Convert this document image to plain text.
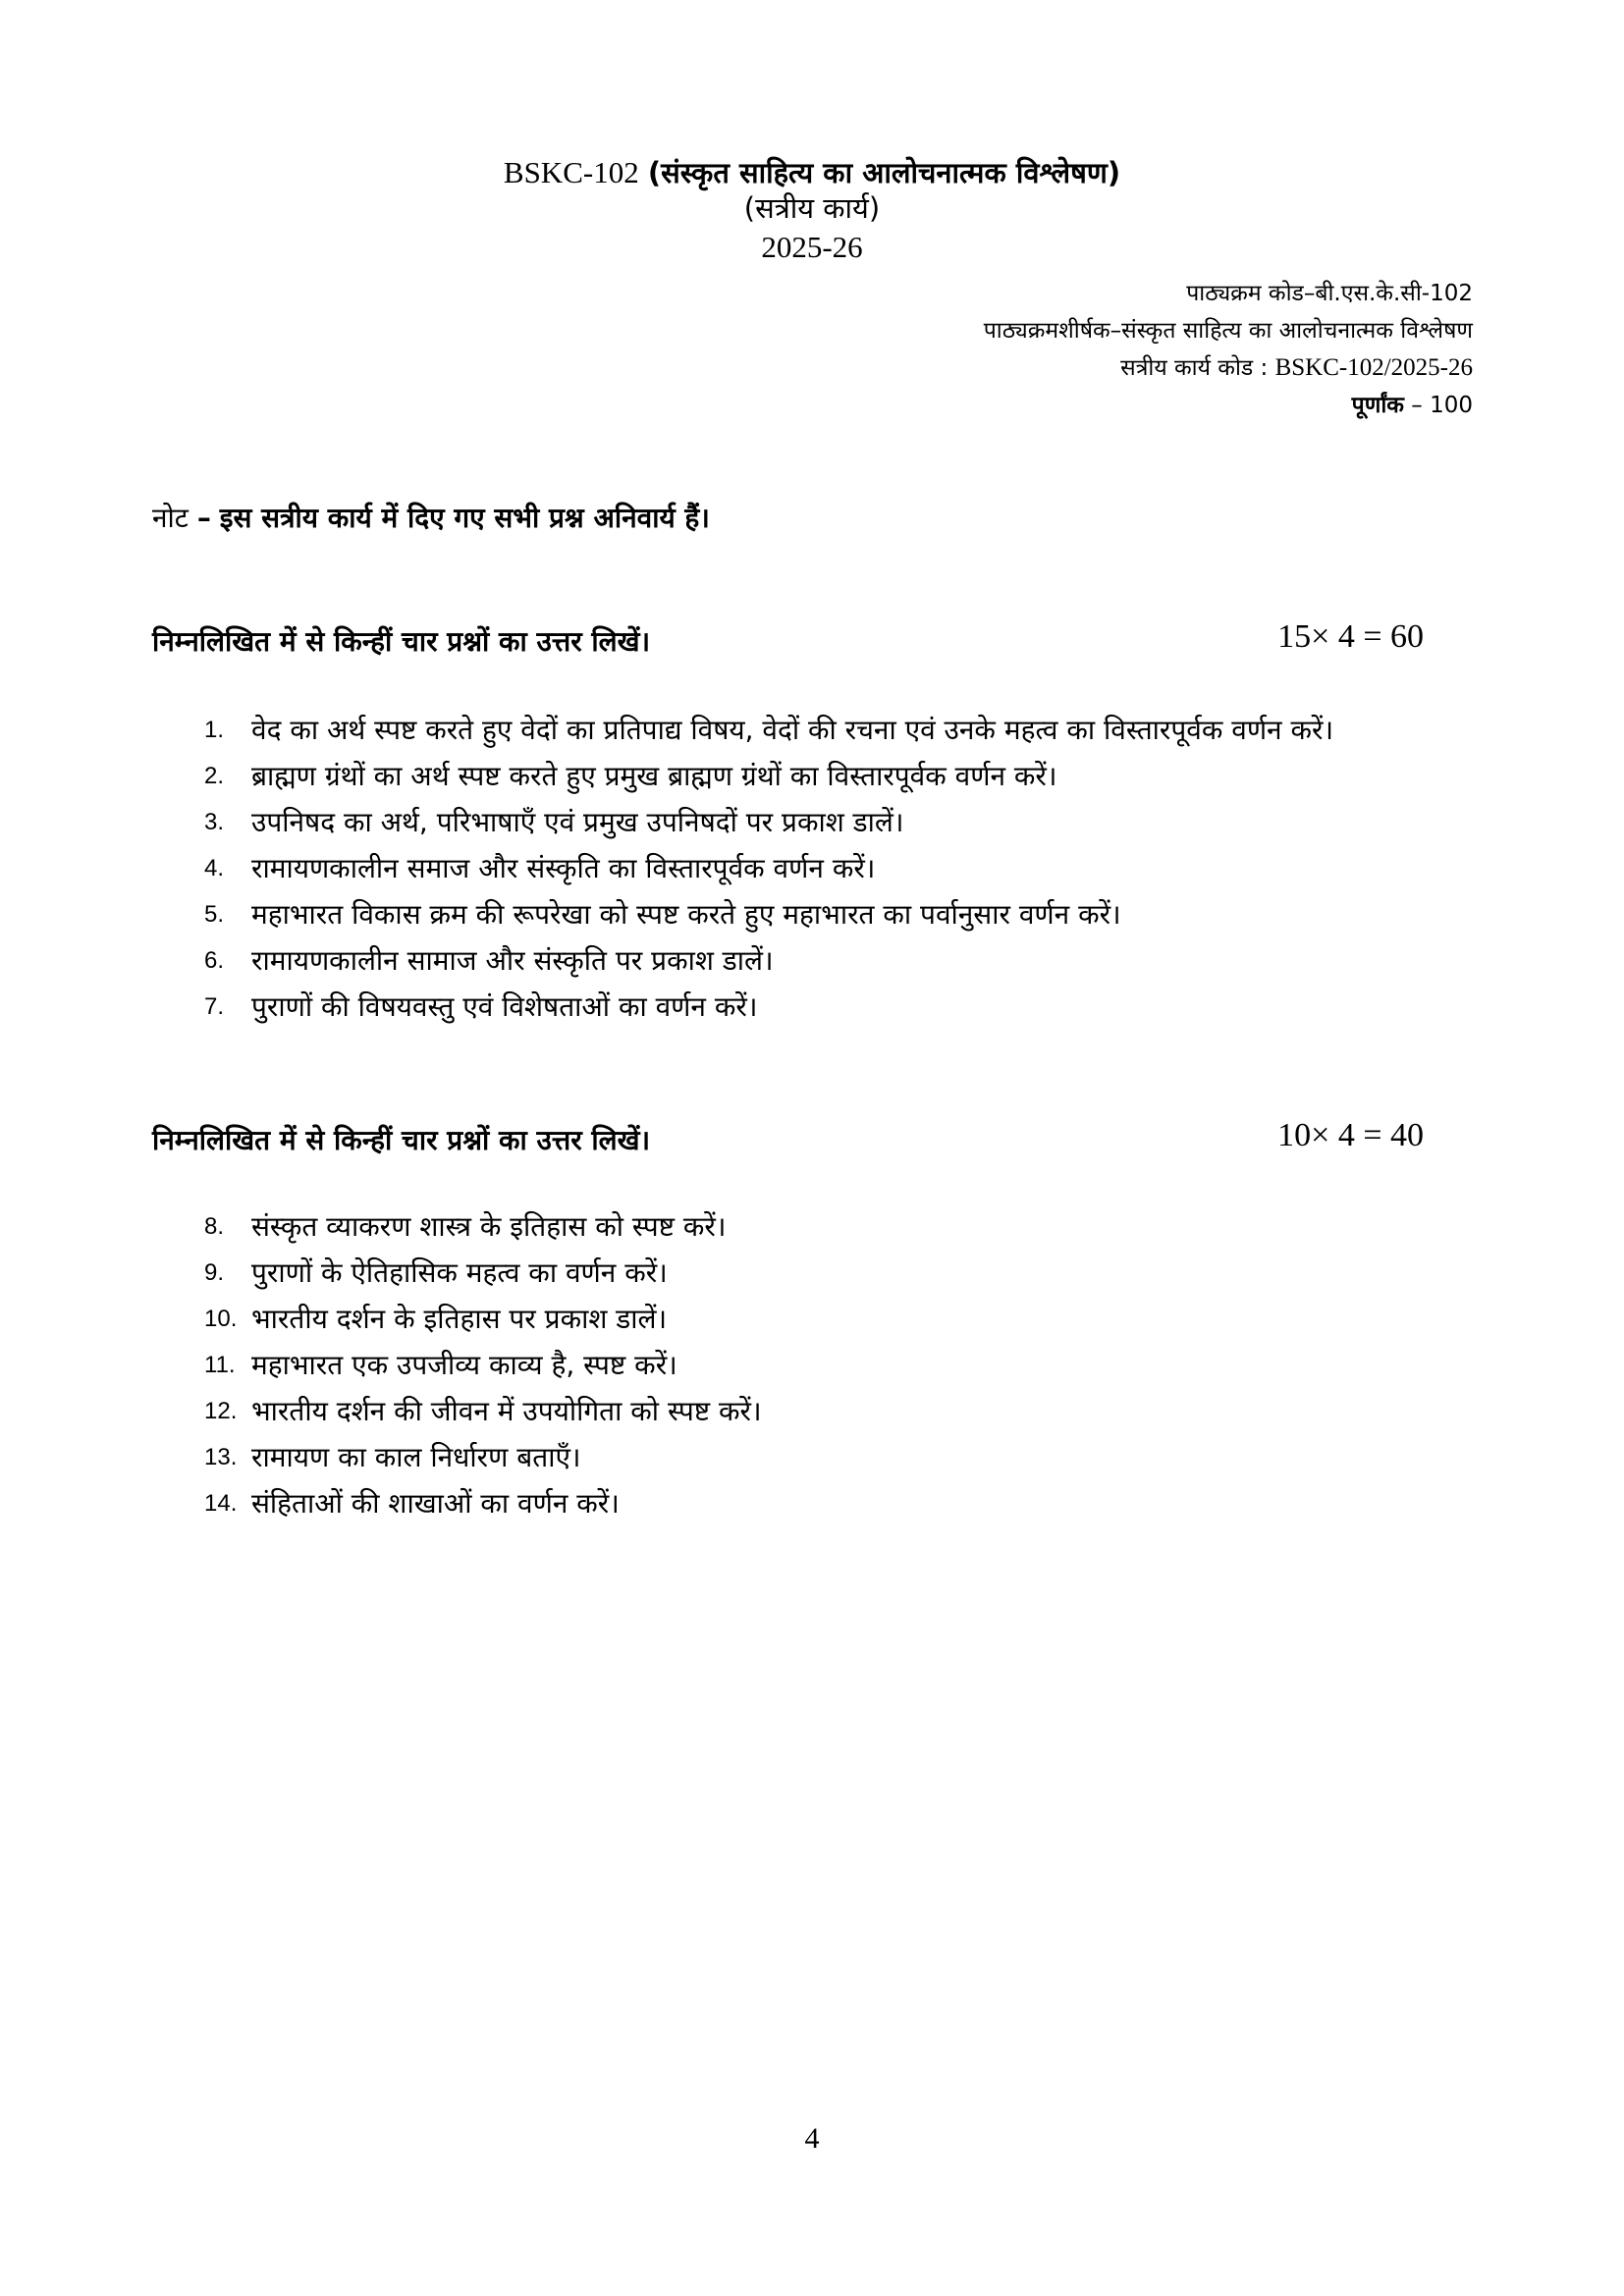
BSKC-102 (संस्कृत साहित्य का आलोचनात्मक विश्लेषण)
(सत्रीय कार्य)
2025-26
पाठ्यक्रम कोड–बी.एस.के.सी-102
पाठ्यक्रमशीर्षक–संस्कृत साहित्य का आलोचनात्मक विश्लेषण
सत्रीय कार्य कोड : BSKC-102/2025-26
पूर्णांक – 100
नोट – इस सत्रीय कार्य में दिए गए सभी प्रश्न अनिवार्य हैं।
निम्नलिखित में से किन्हीं चार प्रश्नों का उत्तर लिखें।	15× 4 = 60
1. वेद का अर्थ स्पष्ट करते हुए वेदों का प्रतिपाद्य विषय, वेदों की रचना एवं उनके महत्व का विस्तारपूर्वक वर्णन करें।
2. ब्राह्मण ग्रंथों का अर्थ स्पष्ट करते हुए प्रमुख ब्राह्मण ग्रंथों का विस्तारपूर्वक वर्णन करें।
3. उपनिषद का अर्थ, परिभाषाएँ एवं प्रमुख उपनिषदों पर प्रकाश डालें।
4. रामायणकालीन समाज और संस्कृति का विस्तारपूर्वक वर्णन करें।
5. महाभारत विकास क्रम की रूपरेखा को स्पष्ट करते हुए महाभारत का पर्वानुसार वर्णन करें।
6. रामायणकालीन सामाज और संस्कृति पर प्रकाश डालें।
7. पुराणों की विषयवस्तु एवं विशेषताओं का वर्णन करें।
निम्नलिखित में से किन्हीं चार प्रश्नों का उत्तर लिखें।	10× 4 = 40
8. संस्कृत व्याकरण शास्त्र के इतिहास को स्पष्ट करें।
9. पुराणों के ऐतिहासिक महत्व का वर्णन करें।
10. भारतीय दर्शन के इतिहास पर प्रकाश डालें।
11. महाभारत एक उपजीव्य काव्य है, स्पष्ट करें।
12. भारतीय दर्शन की जीवन में उपयोगिता को स्पष्ट करें।
13. रामायण का काल निर्धारण बताएँ।
14. संहिताओं की शाखाओं का वर्णन करें।
4
